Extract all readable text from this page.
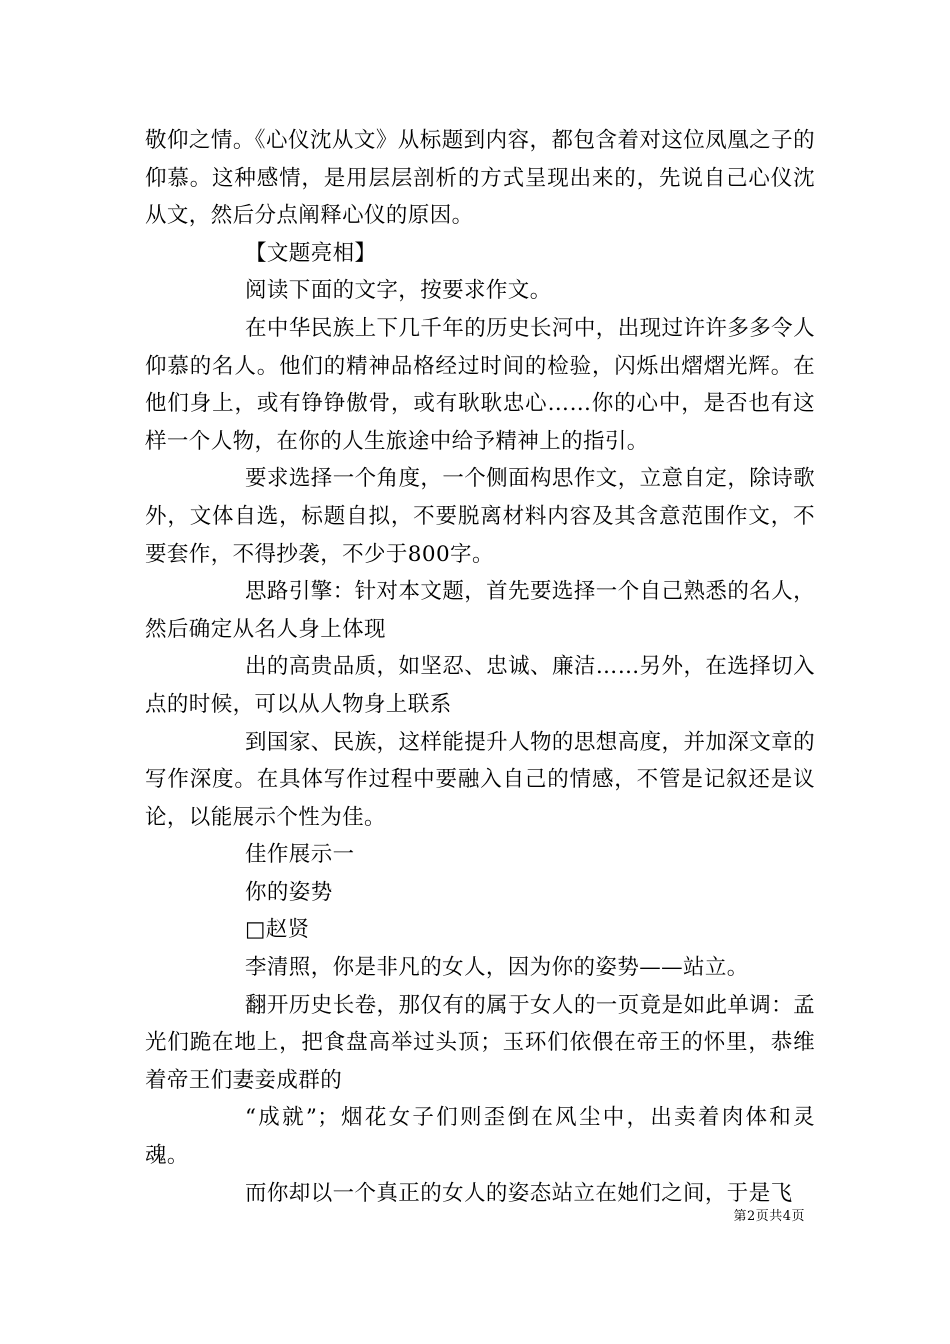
敬仰之情。《心仪沈从文》从标题到内容，都包含着对这位凤凰之子的仰慕。这种感情，是用层层剖析的方式呈现出来的，先说自己心仪沈从文，然后分点阐释心仪的原因。

【文题亮相】

阅读下面的文字，按要求作文。

在中华民族上下几千年的历史长河中，出现过许许多多令人仰慕的名人。他们的精神品格经过时间的检验，闪烁出熠熠光辉。在他们身上，或有铮铮傲骨，或有耿耿忠心……你的心中，是否也有这样一个人物，在你的人生旅途中给予精神上的指引。

要求选择一个角度，一个侧面构思作文，立意自定，除诗歌外，文体自选，标题自拟，不要脱离材料内容及其含意范围作文，不要套作，不得抄袭，不少于800字。

思路引擎：针对本文题，首先要选择一个自己熟悉的名人，然后确定从名人身上体现

出的高贵品质，如坚忍、忠诚、廉洁……另外，在选择切入点的时候，可以从人物身上联系

到国家、民族，这样能提升人物的思想高度，并加深文章的写作深度。在具体写作过程中要融入自己的情感，不管是记叙还是议论，以能展示个性为佳。

佳作展示一

你的姿势

□赵贤

李清照，你是非凡的女人，因为你的姿势——站立。

翻开历史长卷，那仅有的属于女人的一页竟是如此单调：孟光们跪在地上，把食盘高举过头顶；玉环们依偎在帝王的怀里，恭维着帝王们妻妾成群的

“成就”；烟花女子们则歪倒在风尘中，出卖着肉体和灵魂。

而你却以一个真正的女人的姿态站立在她们之间，于是飞

第2页共4页
